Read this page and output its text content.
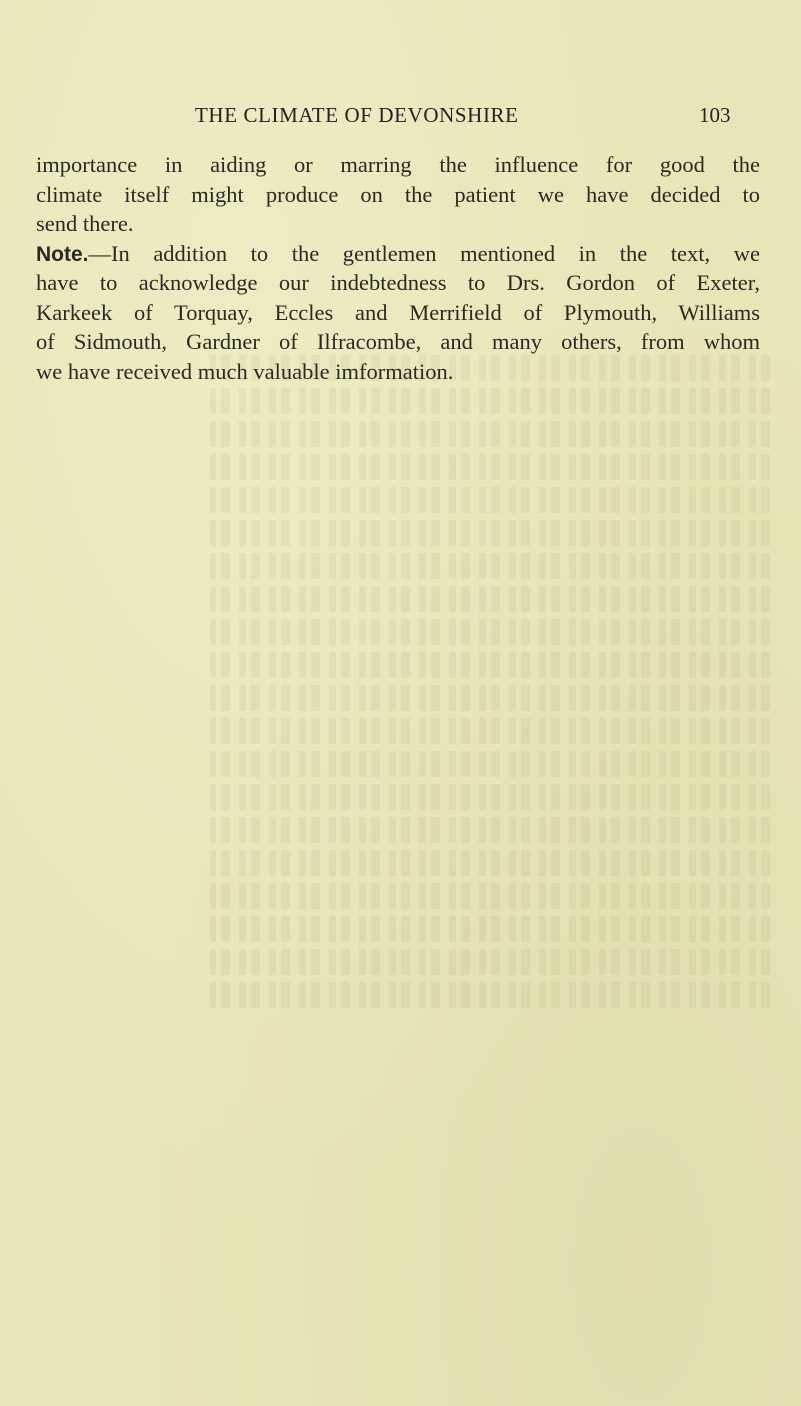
THE CLIMATE OF DEVONSHIRE	103
importance in aiding or marring the influence for good the
climate itself might produce on the patient we have decided to
send there.
Note.—In addition to the gentlemen mentioned in the text, we
have to acknowledge our indebtedness to Drs. Gordon of Exeter,
Karkeek of Torquay, Eccles and Merrifield of Plymouth, Williams
of Sidmouth, Gardner of Ilfracombe, and many others, from whom
we have received much valuable imformation.
